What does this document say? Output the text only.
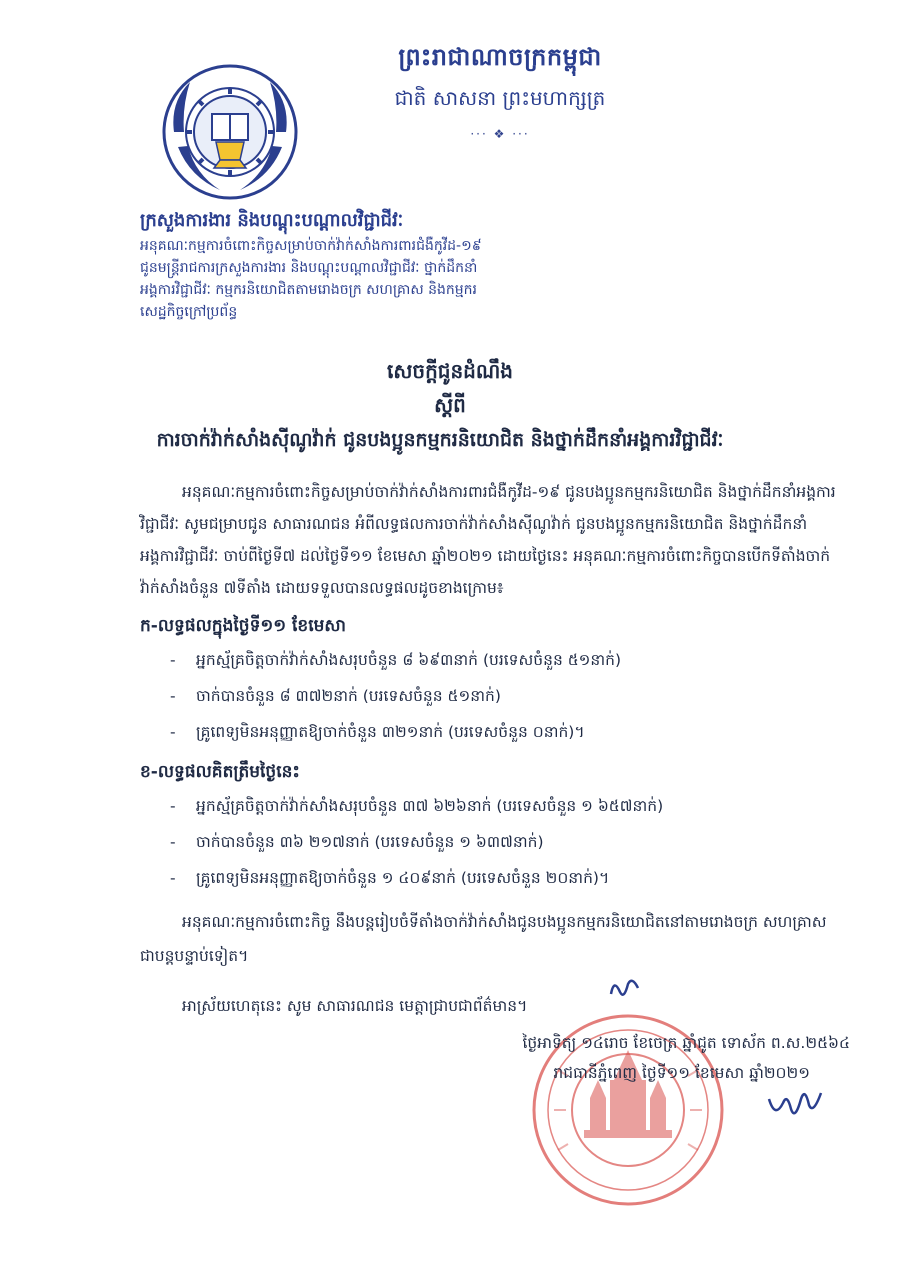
ព្រះរាជាណាចក្រកម្ពុជា
ជាតិ សាសនា ព្រះមហាក្សត្រ
··· ❖ ···
ក្រសួងការងារ និងបណ្តុះបណ្តាលវិជ្ជាជីវៈ
អនុគណៈកម្មការចំពោះកិច្ចសម្រាប់ចាក់វ៉ាក់សាំងការពារជំងឺកូវីដ-១៩
ជូនមន្ត្រីរាជការក្រសួងការងារ និងបណ្តុះបណ្តាលវិជ្ជាជីវៈ ថ្នាក់ដឹកនាំ
អង្គការវិជ្ជាជីវៈ កម្មករនិយោជិតតាមរោងចក្រ សហគ្រាស និងកម្មករ
សេដ្ឋកិច្ចក្រៅប្រព័ន្ធ
សេចក្តីជូនដំណឹង
ស្តីពី
ការចាក់វ៉ាក់សាំងស៊ីណូវ៉ាក់ ជូនបងប្អូនកម្មករនិយោជិត និងថ្នាក់ដឹកនាំអង្គការវិជ្ជាជីវៈ

អនុគណៈកម្មការចំពោះកិច្ចសម្រាប់ចាក់វ៉ាក់សាំងការពារជំងឺកូវីដ-១៩ ជូនបងប្អូនកម្មករនិយោជិត និងថ្នាក់ដឹកនាំអង្គការវិជ្ជាជីវៈ សូមជម្រាបជូន សាធារណជន អំពីលទ្ធផលការចាក់វ៉ាក់សាំងស៊ីណូវ៉ាក់ ជូនបងប្អូនកម្មករនិយោជិត និងថ្នាក់ដឹកនាំអង្គការវិជ្ជាជីវៈ ចាប់ពីថ្ងៃទី៧ ដល់ថ្ងៃទី១១ ខែមេសា ឆ្នាំ២០២១ ដោយថ្ងៃនេះ អនុគណៈកម្មការចំពោះកិច្ចបានបើកទីតាំងចាក់វ៉ាក់សាំងចំនួន ៧ទីតាំង ដោយទទួលបានលទ្ធផលដូចខាងក្រោម៖

ក-លទ្ធផលក្នុងថ្ងៃទី១១ ខែមេសា
- អ្នកស្ម័គ្រចិត្តចាក់វ៉ាក់សាំងសរុបចំនួន ៨ ៦៩៣នាក់ (បរទេសចំនួន ៥១នាក់)
- ចាក់បានចំនួន ៨ ៣៧២នាក់ (បរទេសចំនួន ៥១នាក់)
- គ្រូពេទ្យមិនអនុញ្ញាតឱ្យចាក់ចំនួន ៣២១នាក់ (បរទេសចំនួន ០នាក់)។
ខ-លទ្ធផលគិតត្រឹមថ្ងៃនេះ
- អ្នកស្ម័គ្រចិត្តចាក់វ៉ាក់សាំងសរុបចំនួន ៣៧ ៦២៦នាក់ (បរទេសចំនួន ១ ៦៥៧នាក់)
- ចាក់បានចំនួន ៣៦ ២១៧នាក់ (បរទេសចំនួន ១ ៦៣៧នាក់)
- គ្រូពេទ្យមិនអនុញ្ញាតឱ្យចាក់ចំនួន ១ ៤០៩នាក់ (បរទេសចំនួន ២០នាក់)។

អនុគណៈកម្មការចំពោះកិច្ច នឹងបន្តរៀបចំទីតាំងចាក់វ៉ាក់សាំងជូនបងប្អូនកម្មករនិយោជិតនៅតាមរោងចក្រ សហគ្រាស ជាបន្តបន្ទាប់ទៀត។

អាស្រ័យហេតុនេះ សូម សាធារណជន មេត្តាជ្រាបជាព័ត៌មាន។

ថ្ងៃអាទិត្យ ១៤រោច ខែចេត្រ ឆ្នាំជូត ទោស័ក ព.ស.២៥៦៤
រាជធានីភ្នំពេញ ថ្ងៃទី១១ ខែមេសា ឆ្នាំ២០២១
